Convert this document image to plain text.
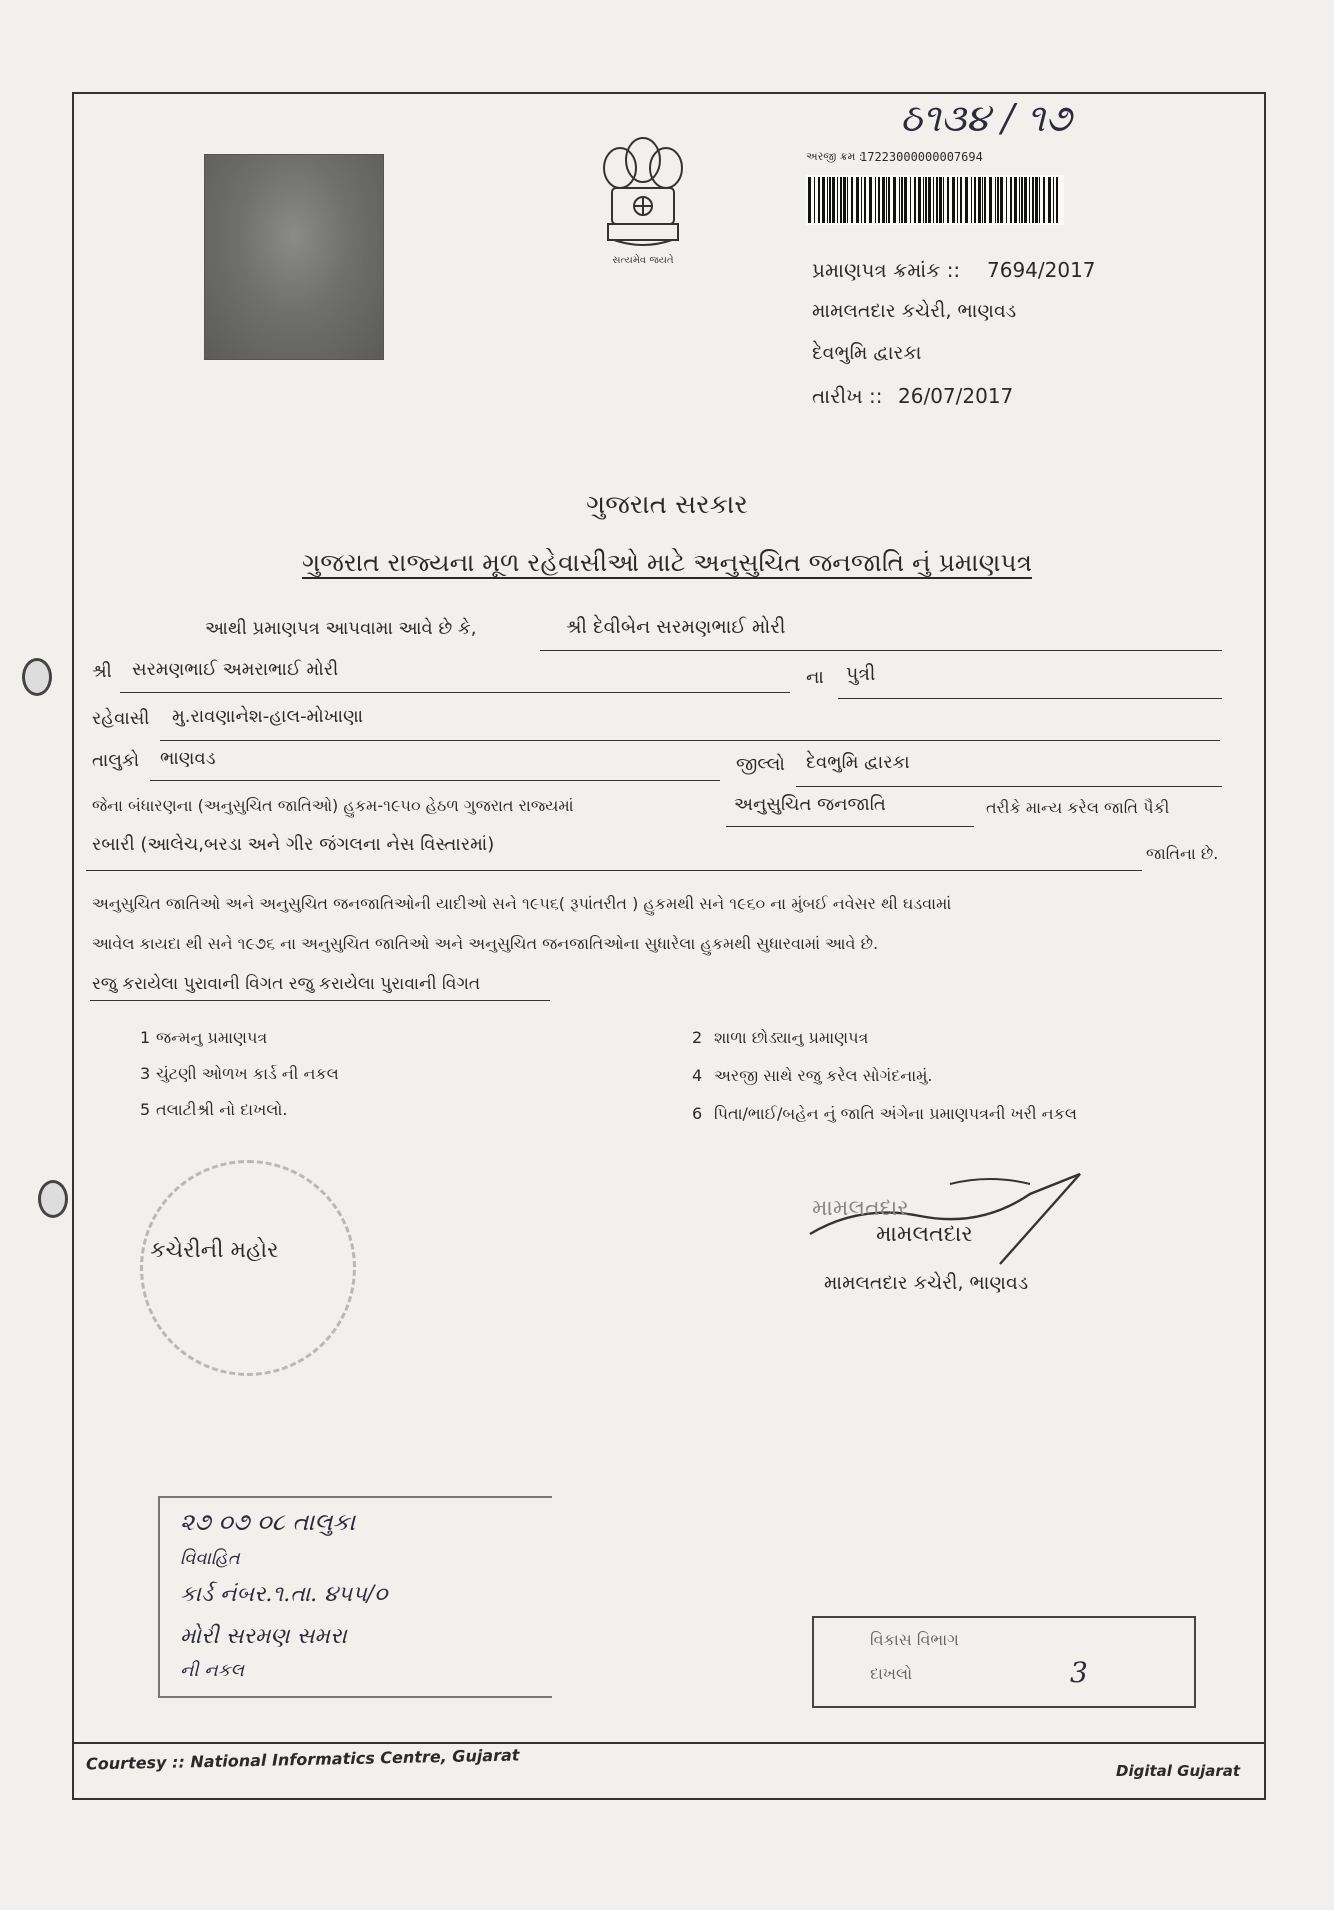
ઠ૧૩૪ / ૧૭
સત્યમેવ જયતે
અરજી ક્રમ :
17223000000007694
પ્રમાણપત્ર ક્રમાંક :: 7694/2017
મામલતદાર કચેરી, ભાણવડ
દેવભુમિ દ્વારકા
તારીખ :: 26/07/2017
ગુજરાત સરકાર
ગુજરાત રાજ્યના મૂળ રહેવાસીઓ માટે અનુસુચિત જનજાતિ નું પ્રમાણપત્ર
આથી પ્રમાણપત્ર આપવામા આવે છે કે,	શ્રી દેવીબેન સરમણભાઈ મોરી
શ્રી સરમણભાઈ અમરાભાઈ મોરી	ના પુત્રી
રહેવાસી મુ.રાવણાનેશ-હાલ-મોખાણા
તાલુકો ભાણવડ	જીલ્લો દેવભુમિ દ્વારકા
જેના બંધારણના (અનુસુચિત જાતિઓ) હુકમ-૧૯૫૦ હેઠળ ગુજરાત રાજ્યમાં	અનુસુચિત જનજાતિ	તરીકે માન્ય કરેલ જાતિ પૈકી
રબારી (આલેચ,બરડા અને ગીર જંગલના નેસ વિસ્તારમાં)	જાતિના છે.
અનુસુચિત જાતિઓ અને અનુસુચિત જનજાતિઓની યાદીઓ સને ૧૯૫૬( રૂપાંતરીત ) હુકમથી સને ૧૯૬૦ ના મુંબઈ નવેસર થી ઘડવામાં
આવેલ કાયદા થી સને ૧૯૭૬ ના અનુસુચિત જાતિઓ અને અનુસુચિત જનજાતિઓના સુધારેલા હુકમથી સુધારવામાં આવે છે.
રજુ કરાયેલા પુરાવાની વિગત રજુ કરાયેલા પુરાવાની વિગત
1 જન્મનુ પ્રમાણપત્ર	2 શાળા છોડ્યાનુ પ્રમાણપત્ર
3 ચુંટણી ઓળખ કાર્ડ ની નકલ	4 અરજી સાથે રજુ કરેલ સોગંદનામું.
5 તલાટીશ્રી નો દાખલો.	6 પિતા/ભાઈ/બહેન નું જાતિ અંગેના પ્રમાણપત્રની ખરી નકલ
કચેરીની મહોર
મામલતદાર
મામલતદાર
મામલતદાર કચેરી, ભાણવડ
૨૭ ૦૭ ૦૮ તાલુકા
વિવાહિત
કાર્ડ નંબર.૧.તા. ૪૫૫/૦
મોરી સરમણ સમરા
ની નકલ
વિકાસ વિભાગ
દાખલો	3
Courtesy :: National Informatics Centre, Gujarat	Digital Gujarat
